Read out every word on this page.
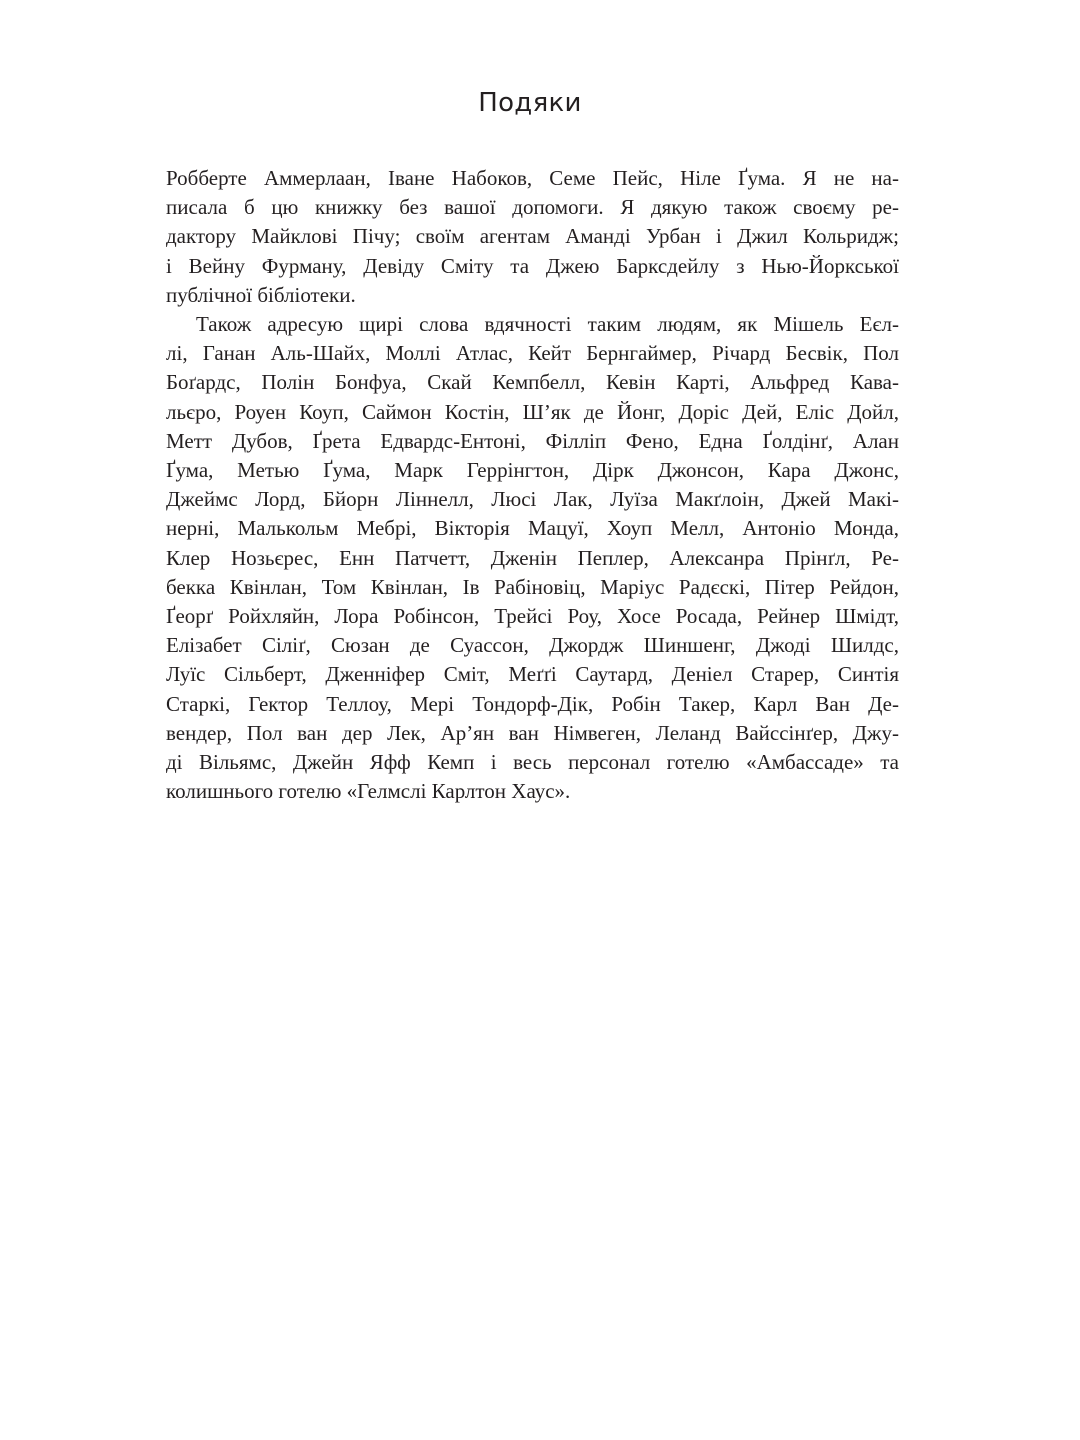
Подяки

Робберте Аммерлаан, Іване Набоков, Семе Пейс, Ніле Ґума. Я не на-
писала б цю книжку без вашої допомоги. Я дякую також своєму ре-
дактору Майклові Пічу; своїм агентам Аманді Урбан і Джил Кольридж;
і Вейну Фурману, Девіду Сміту та Джею Барксдейлу з Нью-Йоркської
публічної бібліотеки.

Також адресую щирі слова вдячності таким людям, як Мішель Еєл-
лі, Ганан Аль-Шайх, Моллі Атлас, Кейт Бернгаймер, Річард Бесвік, Пол
Боґардс, Полін Бонфуа, Скай Кемпбелл, Кевін Карті, Альфред Кава-
льєро, Роуен Коуп, Саймон Костін, Ш’як де Йонг, Доріс Дей, Еліс Дойл,
Метт Дубов, Ґрета Едвардс-Ентоні, Філліп Фено, Една Ґолдінґ, Алан
Ґума, Метью Ґума, Марк Геррінгтон, Дірк Джонсон, Кара Джонс,
Джеймс Лорд, Бйорн Ліннелл, Люсі Лак, Луїза Макґлоін, Джей Макі-
нерні, Малькольм Мебрі, Вікторія Мацуї, Хоуп Мелл, Антоніо Монда,
Клер Нозьєрес, Енн Патчетт, Дженін Пеплер, Алексанра Прінґл, Ре-
бекка Квінлан, Том Квінлан, Ів Рабіновіц, Маріус Радєскі, Пітер Рейдон,
Ґеорґ Ройхляйн, Лора Робінсон, Трейсі Роу, Хосе Росада, Рейнер Шмідт,
Елізабет Сіліґ, Сюзан де Суассон, Джордж Шиншенг, Джоді Шилдс,
Луїс Сільберт, Дженніфер Сміт, Меґґі Саутард, Деніел Старер, Синтія
Старкі, Гектор Теллоу, Мері Тондорф-Дік, Робін Такер, Карл Ван Де-
вендер, Пол ван дер Лек, Ар’ян ван Німвеген, Леланд Вайссінґер, Джу-
ді Вільямс, Джейн Яфф Кемп і весь персонал готелю «Амбассаде» та
колишнього готелю «Гелмслі Карлтон Хаус».
